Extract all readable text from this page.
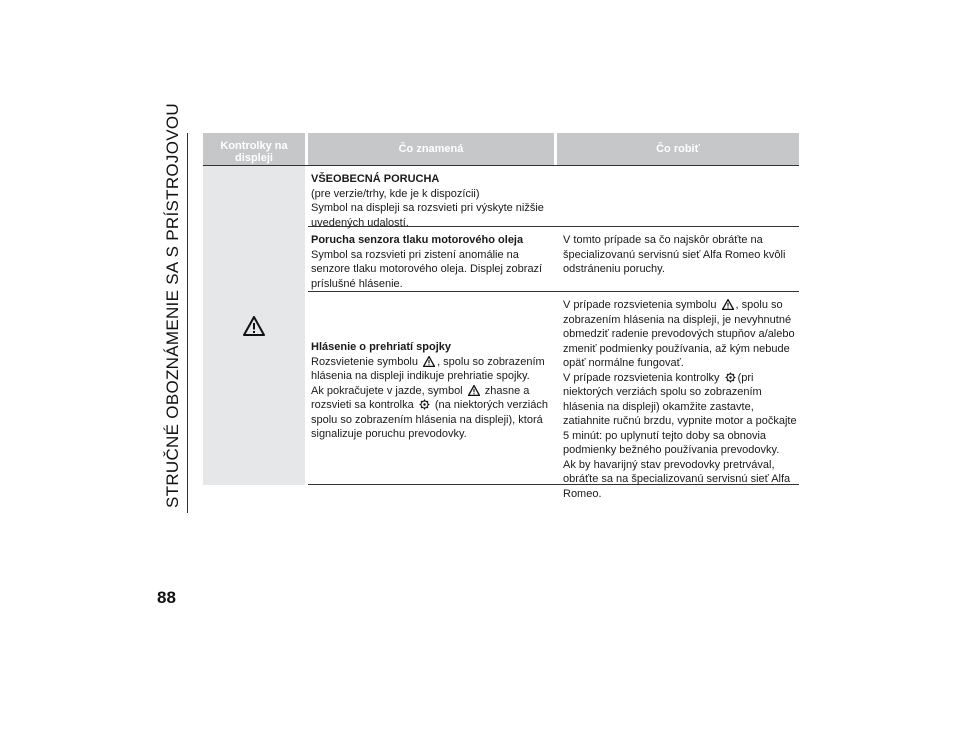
STRUČNÉ OBOZNÁMENIE SA S PRÍSTROJOVOU
88
Kontrolky na displeji
Čo znamená	Čo robiť
VŠEOBECNÁ PORUCHA
(pre verzie/trhy, kde je k dispozícii)
Symbol na displeji sa rozsvieti pri výskyte nižšie uvedených udalostí.
Porucha senzora tlaku motorového oleja
Symbol sa rozsvieti pri zistení anomálie na senzore tlaku motorového oleja. Displej zobrazí príslušné hlásenie.
V tomto prípade sa čo najskôr obráťte na špecializovanú servisnú sieť Alfa Romeo kvôli odstráneniu poruchy.
Hlásenie o prehriatí spojky
Rozsvietenie symbolu , spolu so zobrazením hlásenia na displeji indikuje prehriatie spojky.
Ak pokračujete v jazde, symbol zhasne a rozsvieti sa kontrolka (na niektorých verziách spolu so zobrazením hlásenia na displeji), ktorá signalizuje poruchu prevodovky.
V prípade rozsvietenia symbolu , spolu so zobrazením hlásenia na displeji, je nevyhnutné obmedziť radenie prevodových stupňov a/alebo zmeniť podmienky používania, až kým nebude opäť normálne fungovať.
V prípade rozsvietenia kontrolky (pri niektorých verziách spolu so zobrazením hlásenia na displeji) okamžite zastavte, zatiahnite ručnú brzdu, vypnite motor a počkajte 5 minút: po uplynutí tejto doby sa obnovia podmienky bežného používania prevodovky.
Ak by havarijný stav prevodovky pretrvával, obráťte sa na špecializovanú servisnú sieť Alfa Romeo.
